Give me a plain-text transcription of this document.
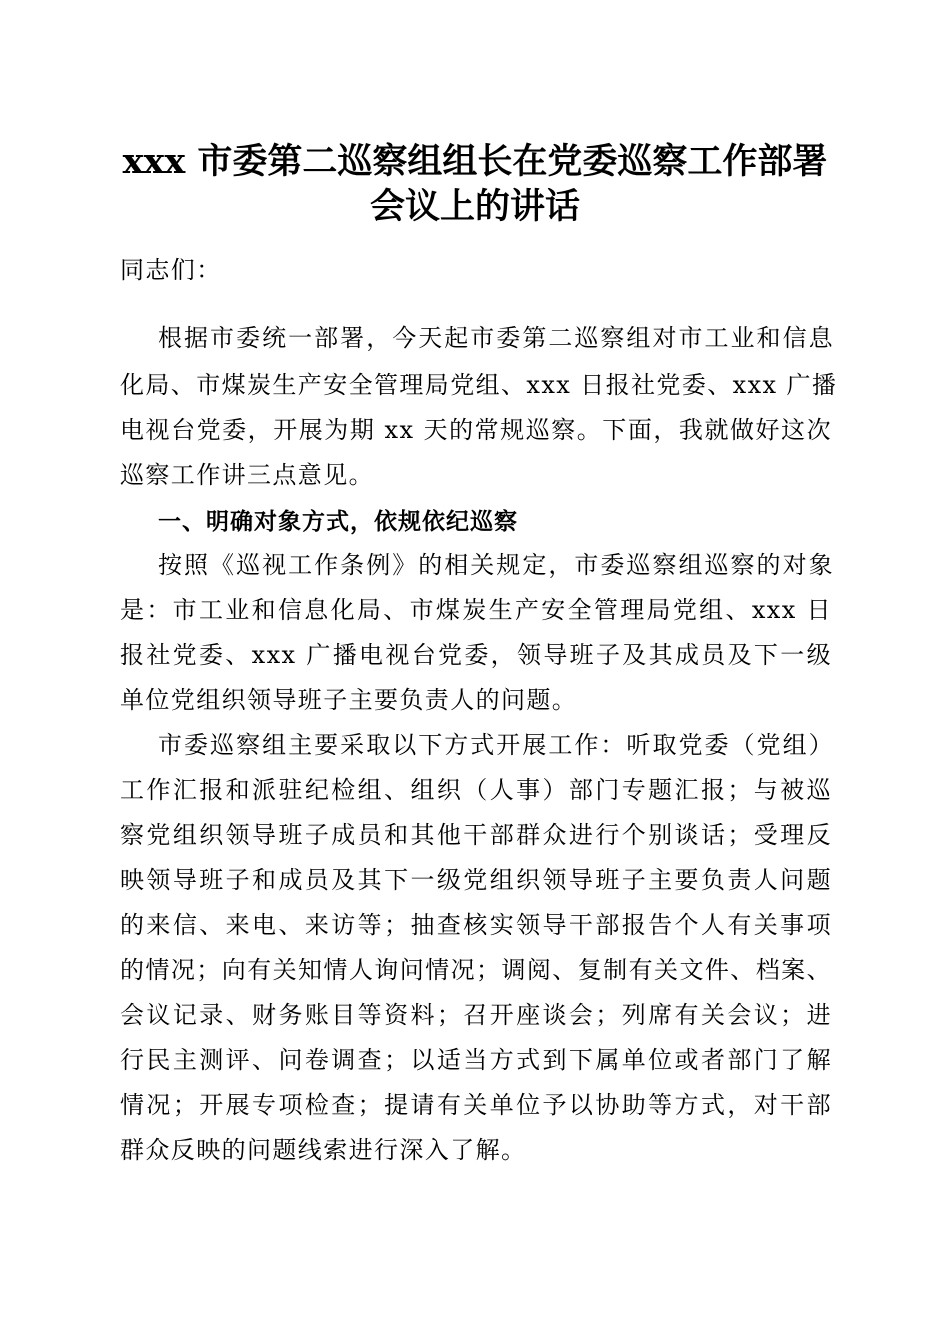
xxx 市委第二巡察组组长在党委巡察工作部署
会议上的讲话
同志们：
根据市委统一部署，今天起市委第二巡察组对市工业和信息
化局、市煤炭生产安全管理局党组、xxx 日报社党委、xxx 广播
电视台党委，开展为期 xx 天的常规巡察。下面，我就做好这次
巡察工作讲三点意见。
一、明确对象方式，依规依纪巡察
按照《巡视工作条例》的相关规定，市委巡察组巡察的对象
是：市工业和信息化局、市煤炭生产安全管理局党组、xxx 日
报社党委、xxx 广播电视台党委，领导班子及其成员及下一级
单位党组织领导班子主要负责人的问题。
市委巡察组主要采取以下方式开展工作：听取党委（党组）
工作汇报和派驻纪检组、组织（人事）部门专题汇报；与被巡
察党组织领导班子成员和其他干部群众进行个别谈话；受理反
映领导班子和成员及其下一级党组织领导班子主要负责人问题
的来信、来电、来访等；抽查核实领导干部报告个人有关事项
的情况；向有关知情人询问情况；调阅、复制有关文件、档案、
会议记录、财务账目等资料；召开座谈会；列席有关会议；进
行民主测评、问卷调查；以适当方式到下属单位或者部门了解
情况；开展专项检查；提请有关单位予以协助等方式，对干部
群众反映的问题线索进行深入了解。
